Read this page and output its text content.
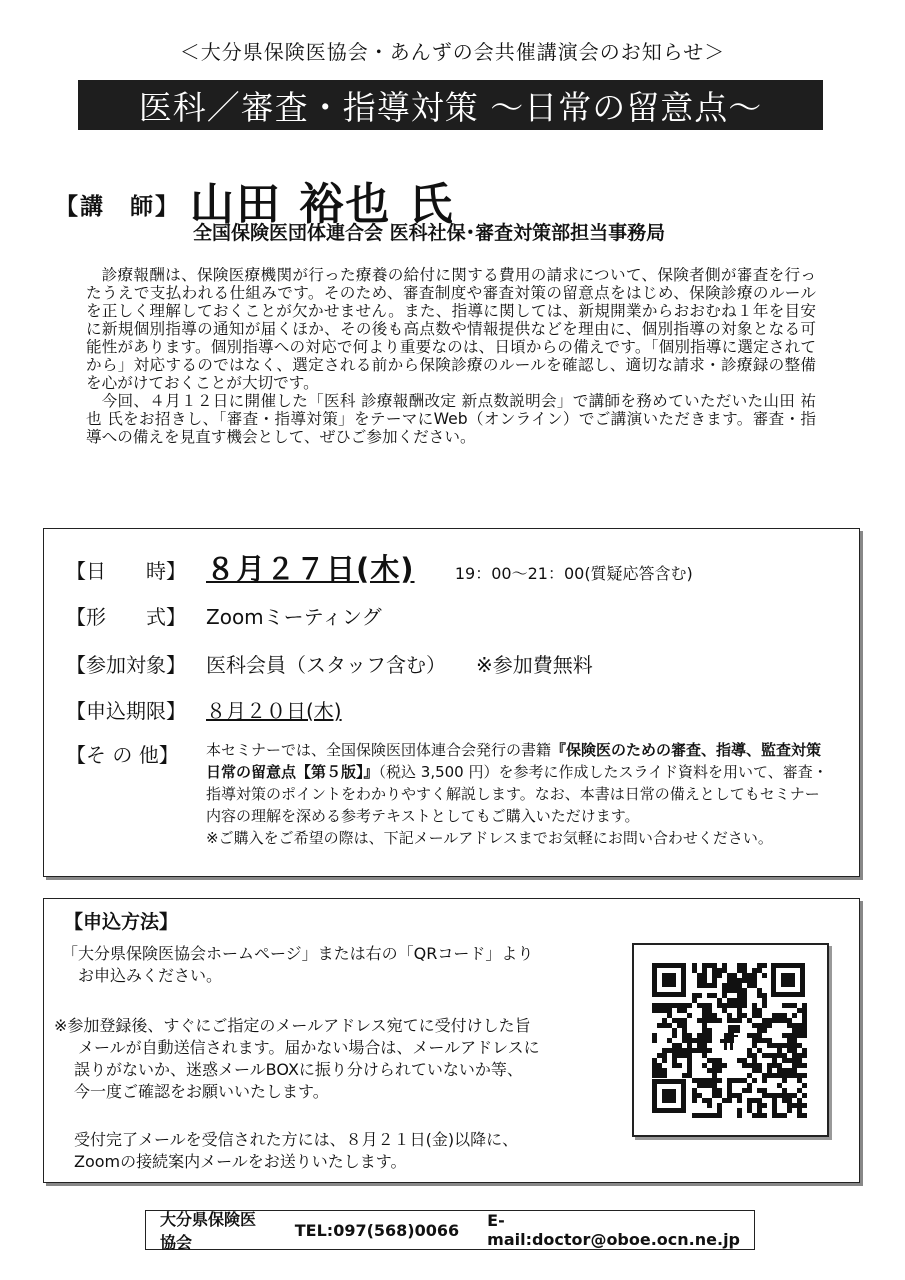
＜大分県保険医協会・あんずの会共催講演会のお知らせ＞
医科／審査・指導対策 ～日常の留意点～
【講　師】 山田 裕也 氏
全国保険医団体連合会 医科社保･審査対策部担当事務局

診療報酬は、保険医療機関が行った療養の給付に関する費用の請求について、保険者側が審査を行ったうえで支払われる仕組みです。そのため、審査制度や審査対策の留意点をはじめ、保険診療のルールを正しく理解しておくことが欠かせません。また、指導に関しては、新規開業からおおむね１年を目安に新規個別指導の通知が届くほか、その後も高点数や情報提供などを理由に、個別指導の対象となる可能性があります。個別指導への対応で何より重要なのは、日頃からの備えです。「個別指導に選定されてから」対応するのではなく、選定される前から保険診療のルールを確認し、適切な請求・診療録の整備を心がけておくことが大切です。

今回、４月１２日に開催した「医科 診療報酬改定 新点数説明会」で講師を務めていただいた山田 祐也 氏をお招きし、「審査・指導対策」をテーマにWeb（オンライン）でご講演いただきます。審査・指導への備えを見直す機会として、ぜひご参加ください。

【日　　時】 ８月２７日(木)	19：00～21：00(質疑応答含む)
【形　　式】 Zoomミーティング
【参加対象】 医科会員（スタッフ含む）　　※参加費無料
【申込期限】 ８月２０日(木)
【そ の 他】 本セミナーでは、全国保険医団体連合会発行の書籍『保険医のための審査、指導、監査対策　日常の留意点【第５版】』（税込 3,500 円）を参考に作成したスライド資料を用いて、審査・指導対策のポイントをわかりやすく解説します。なお、本書は日常の備えとしてもセミナー内容の理解を深める参考テキストとしてもご購入いただけます。
※ご購入をご希望の際は、下記メールアドレスまでお気軽にお問い合わせください。
【申込方法】
「大分県保険医協会ホームページ」または右の「QRコード」より
お申込みください。
※参加登録後、すぐにご指定のメールアドレス宛てに受付けした旨
メールが自動送信されます。届かない場合は、メールアドレスに
誤りがないか、迷惑メールBOXに振り分けられていないか等、
今一度ご確認をお願いいたします。
受付完了メールを受信された方には、８月２１日(金)以降に、
Zoomの接続案内メールをお送りいたします。
大分県保険医協会
TEL:097(568)0066 E-mail:doctor@oboe.ocn.ne.jp
